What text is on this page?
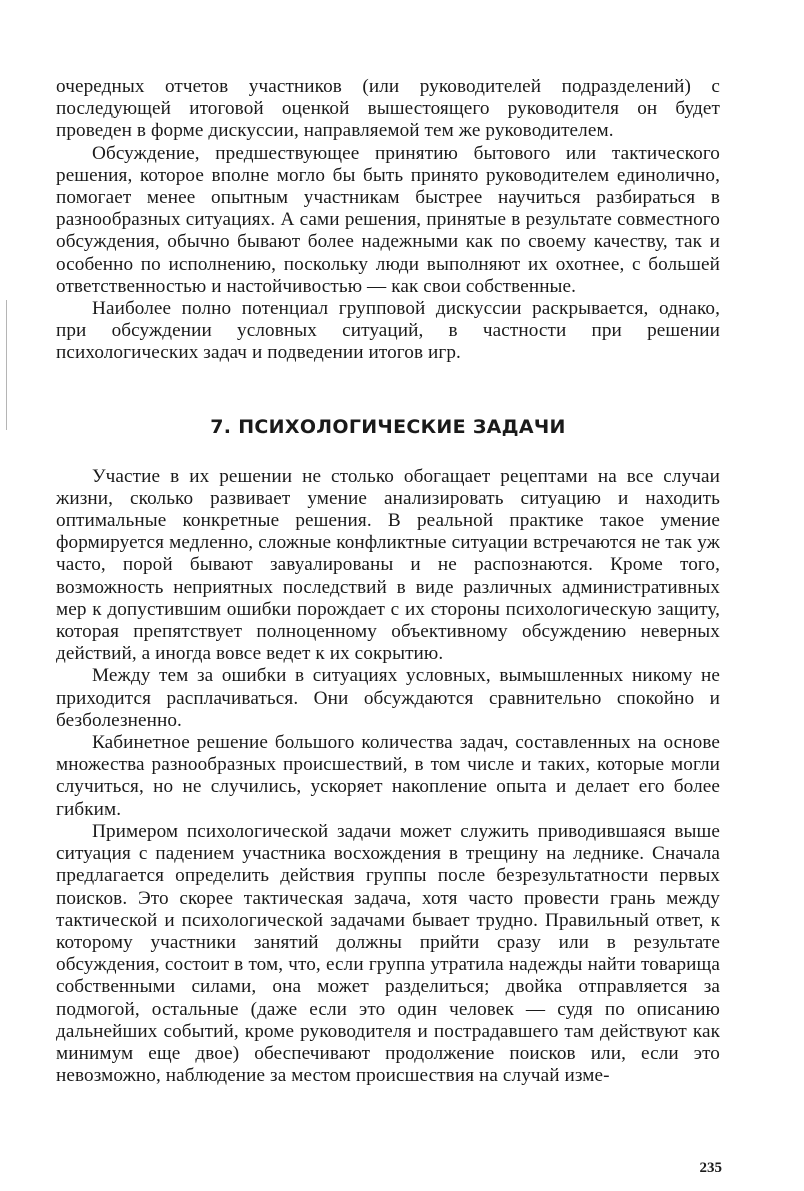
очередных отчетов участников (или руководителей подразделений) с последующей итоговой оценкой вышестоящего руководителя он будет проведен в форме дискуссии, направляемой тем же руководителем.

Обсуждение, предшествующее принятию бытового или тактического решения, которое вполне могло бы быть принято руководителем единолично, помогает менее опытным участникам быстрее научиться разбираться в разнообразных ситуациях. А сами решения, принятые в результате совместного обсуждения, обычно бывают более надежными как по своему качеству, так и особенно по исполнению, поскольку люди выполняют их охотнее, с большей ответственностью и настойчивостью — как свои собственные.

Наиболее полно потенциал групповой дискуссии раскрывается, однако, при обсуждении условных ситуаций, в частности при решении психологических задач и подведении итогов игр.

7. ПСИХОЛОГИЧЕСКИЕ ЗАДАЧИ

Участие в их решении не столько обогащает рецептами на все случаи жизни, сколько развивает умение анализировать ситуацию и находить оптимальные конкретные решения. В реальной практике такое умение формируется медленно, сложные конфликтные ситуации встречаются не так уж часто, порой бывают завуалированы и не распознаются. Кроме того, возможность неприятных последствий в виде различных административных мер к допустившим ошибки порождает с их стороны психологическую защиту, которая препятствует полноценному объективному обсуждению неверных действий, а иногда вовсе ведет к их сокрытию.

Между тем за ошибки в ситуациях условных, вымышленных никому не приходится расплачиваться. Они обсуждаются сравнительно спокойно и безболезненно.

Кабинетное решение большого количества задач, составленных на основе множества разнообразных происшествий, в том числе и таких, которые могли случиться, но не случились, ускоряет накопление опыта и делает его более гибким.

Примером психологической задачи может служить приводившаяся выше ситуация с падением участника восхождения в трещину на леднике. Сначала предлагается определить действия группы после безрезультатности первых поисков. Это скорее тактическая задача, хотя часто провести грань между тактической и психологической задачами бывает трудно. Правильный ответ, к которому участники занятий должны прийти сразу или в результате обсуждения, состоит в том, что, если группа утратила надежды найти товарища собственными силами, она может разделиться; двойка отправляется за подмогой, остальные (даже если это один человек — судя по описанию дальнейших событий, кроме руководителя и пострадавшего там действуют как минимум еще двое) обеспечивают продолжение поисков или, если это невозможно, наблюдение за местом происшествия на случай изме-

235
